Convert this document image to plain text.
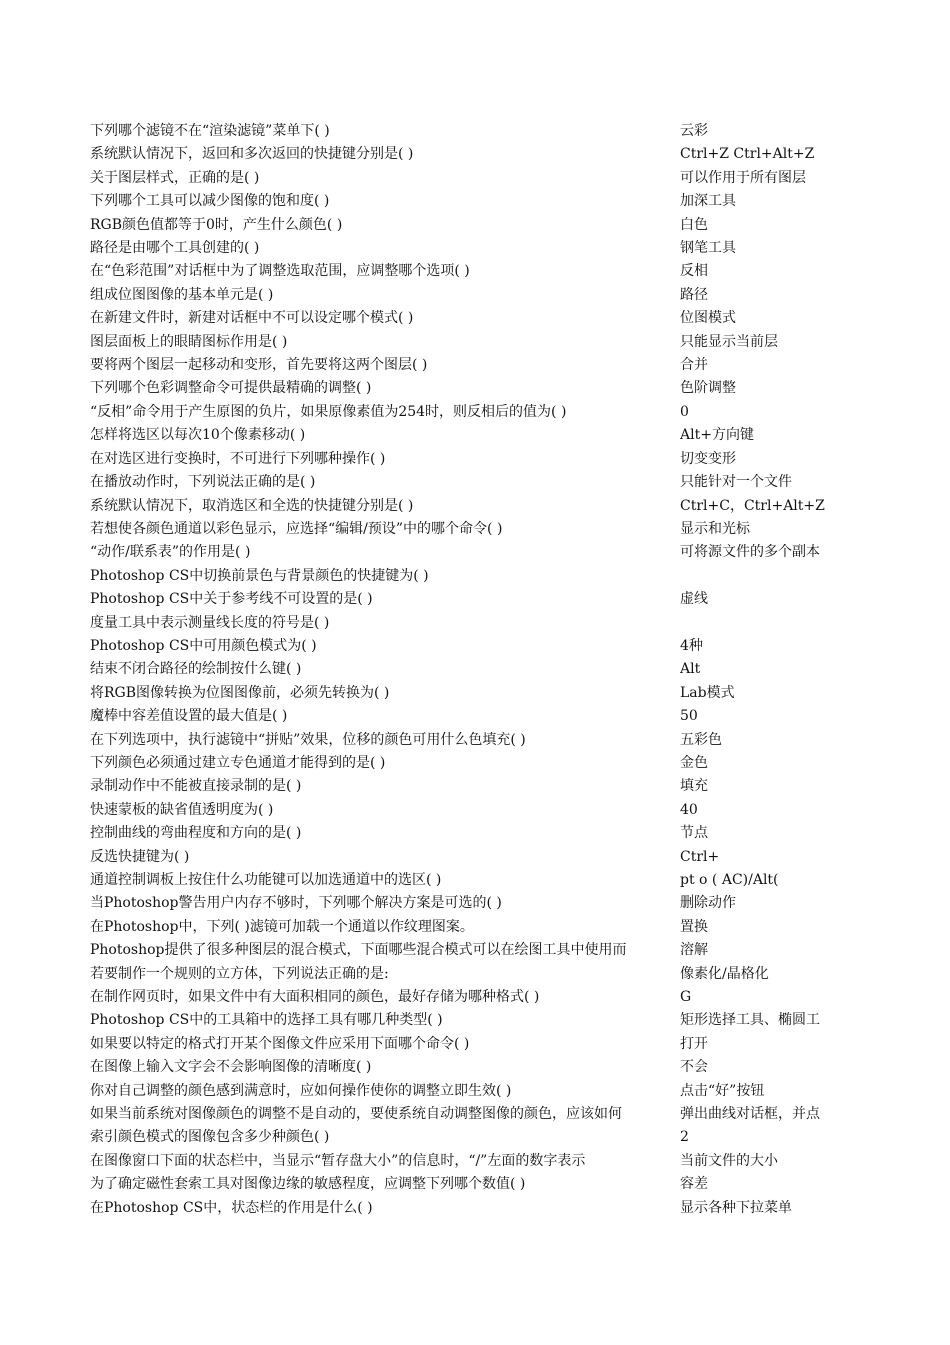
下列哪个滤镜不在“渲染滤镜”菜单下( )	云彩
系统默认情况下，返回和多次返回的快捷键分别是( )	Ctrl+Z Ctrl+Alt+Z
关于图层样式，正确的是( )	可以作用于所有图层
下列哪个工具可以减少图像的饱和度( )	加深工具
RGB颜色值都等于0时，产生什么颜色( )	白色
路径是由哪个工具创建的( )	钢笔工具
在“色彩范围”对话框中为了调整选取范围，应调整哪个选项( )	反相
组成位图图像的基本单元是( )	路径
在新建文件时，新建对话框中不可以设定哪个模式( )	位图模式
图层面板上的眼睛图标作用是( )	只能显示当前层
要将两个图层一起移动和变形，首先要将这两个图层( )	合并
下列哪个色彩调整命令可提供最精确的调整( )	色阶调整
“反相”命令用于产生原图的负片，如果原像素值为254时，则反相后的值为( )	0
怎样将选区以每次10个像素移动( )	Alt+方向键
在对选区进行变换时，不可进行下列哪种操作( )	切变变形
在播放动作时，下列说法正确的是( )	只能针对一个文件
系统默认情况下，取消选区和全选的快捷键分别是( )	Ctrl+C，Ctrl+Alt+Z
若想使各颜色通道以彩色显示，应选择“编辑/预设”中的哪个命令( )	显示和光标
“动作/联系表”的作用是( )	可将源文件的多个副本
Photoshop CS中切换前景色与背景颜色的快捷键为( )
Photoshop CS中关于参考线不可设置的是( )	虚线
度量工具中表示测量线长度的符号是( )
Photoshop CS中可用颜色模式为( )	4种
结束不闭合路径的绘制按什么键( )	Alt
将RGB图像转换为位图图像前，必须先转换为( )	Lab模式
魔棒中容差值设置的最大值是( )	50
在下列选项中，执行滤镜中“拼贴”效果，位移的颜色可用什么色填充( )	五彩色
下列颜色必须通过建立专色通道才能得到的是( )	金色
录制动作中不能被直接录制的是( )	填充
快速蒙板的缺省值透明度为( )	40
控制曲线的弯曲程度和方向的是( )	节点
反选快捷键为( )	Ctrl+
通道控制调板上按住什么功能键可以加选通道中的选区( )	pt o ( AC)/Alt(
当Photoshop警告用户内存不够时，下列哪个解决方案是可选的( )	删除动作
在Photoshop中，下列( )滤镜可加载一个通道以作纹理图案。	置换
Photoshop提供了很多种图层的混合模式，下面哪些混合模式可以在绘图工具中使用而	溶解
若要制作一个规则的立方体，下列说法正确的是:	像素化/晶格化
在制作网页时，如果文件中有大面积相同的颜色，最好存储为哪种格式( )	G
Photoshop CS中的工具箱中的选择工具有哪几种类型( )	矩形选择工具、椭圆工
如果要以特定的格式打开某个图像文件应采用下面哪个命令( )	打开
在图像上输入文字会不会影响图像的清晰度( )	不会
你对自己调整的颜色感到满意时，应如何操作使你的调整立即生效( )	点击“好”按钮
如果当前系统对图像颜色的调整不是自动的，要使系统自动调整图像的颜色，应该如何	弹出曲线对话框，并点
索引颜色模式的图像包含多少种颜色( )	2
在图像窗口下面的状态栏中，当显示“暂存盘大小”的信息时，“/”左面的数字表示	当前文件的大小
为了确定磁性套索工具对图像边缘的敏感程度，应调整下列哪个数值( )	容差
在Photoshop CS中，状态栏的作用是什么( )	显示各种下拉菜单
